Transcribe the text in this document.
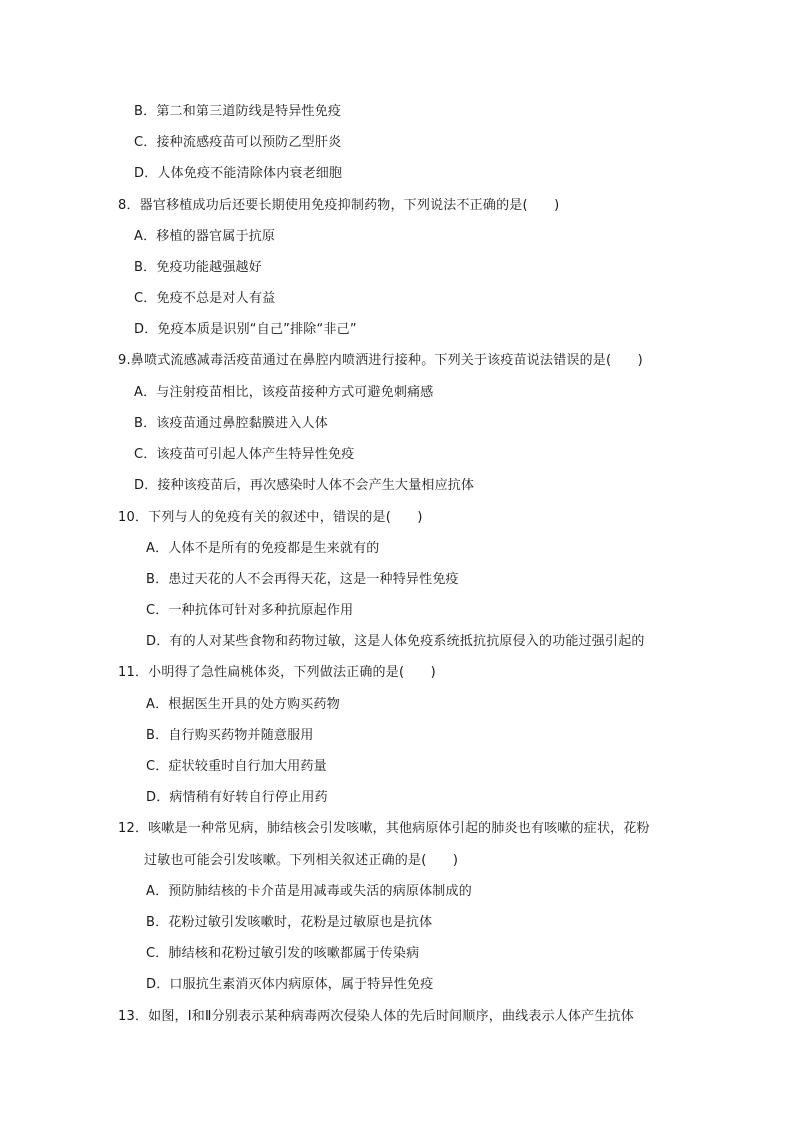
B．第二和第三道防线是特异性免疫
C．接种流感疫苗可以预防乙型肝炎
D．人体免疫不能清除体内衰老细胞
8．器官移植成功后还要长期使用免疫抑制药物，下列说法不正确的是(　　)
A．移植的器官属于抗原
B．免疫功能越强越好
C．免疫不总是对人有益
D．免疫本质是识别“自己”排除“非己”
9.鼻喷式流感减毒活疫苗通过在鼻腔内喷洒进行接种。下列关于该疫苗说法错误的是(　　)
A．与注射疫苗相比，该疫苗接种方式可避免刺痛感
B．该疫苗通过鼻腔黏膜进入人体
C．该疫苗可引起人体产生特异性免疫
D．接种该疫苗后，再次感染时人体不会产生大量相应抗体
10．下列与人的免疫有关的叙述中，错误的是(　　)
A．人体不是所有的免疫都是生来就有的
B．患过天花的人不会再得天花，这是一种特异性免疫
C．一种抗体可针对多种抗原起作用
D．有的人对某些食物和药物过敏，这是人体免疫系统抵抗抗原侵入的功能过强引起的
11．小明得了急性扁桃体炎，下列做法正确的是(　　)
A．根据医生开具的处方购买药物
B．自行购买药物并随意服用
C．症状较重时自行加大用药量
D．病情稍有好转自行停止用药
12．咳嗽是一种常见病，肺结核会引发咳嗽，其他病原体引起的肺炎也有咳嗽的症状，花粉
过敏也可能会引发咳嗽。下列相关叙述正确的是(　　)
A．预防肺结核的卡介苗是用减毒或失活的病原体制成的
B．花粉过敏引发咳嗽时，花粉是过敏原也是抗体
C．肺结核和花粉过敏引发的咳嗽都属于传染病
D．口服抗生素消灭体内病原体，属于特异性免疫
13．如图，Ⅰ和Ⅱ分别表示某种病毒两次侵染人体的先后时间顺序，曲线表示人体产生抗体
